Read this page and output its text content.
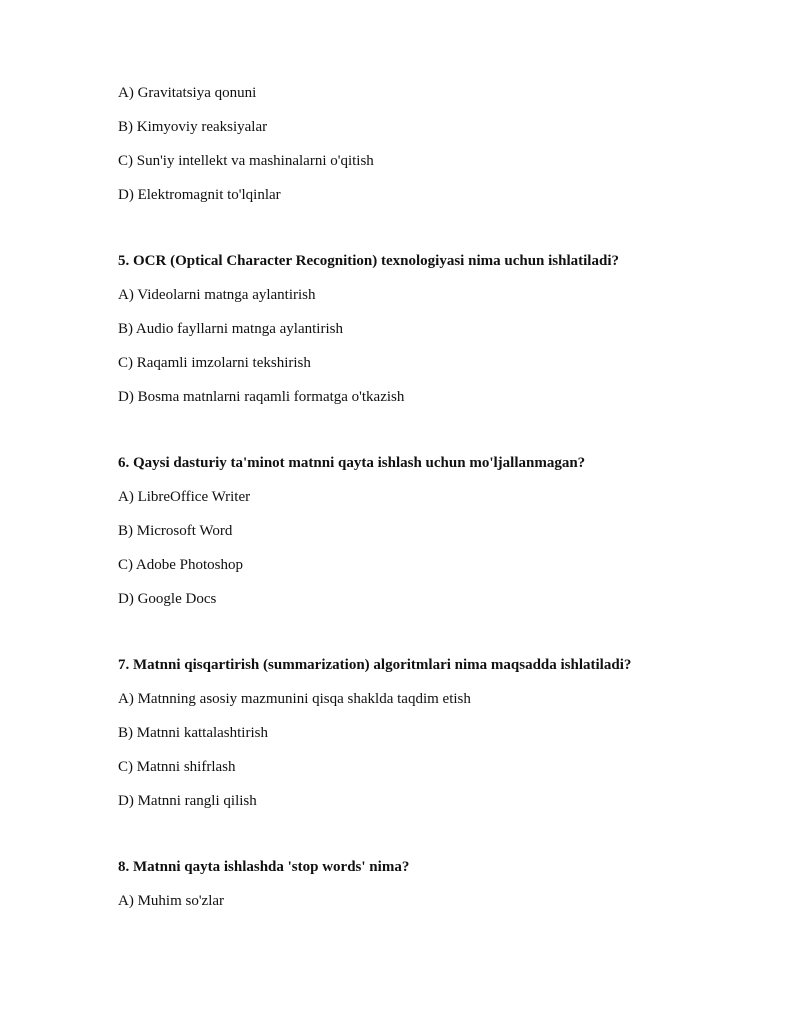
A) Gravitatsiya qonuni
B) Kimyoviy reaksiyalar
C) Sun'iy intellekt va mashinalarni o'qitish
D) Elektromagnit to'lqinlar
5. OCR (Optical Character Recognition) texnologiyasi nima uchun ishlatiladi?
A) Videolarni matnga aylantirish
B) Audio fayllarni matnga aylantirish
C) Raqamli imzolarni tekshirish
D) Bosma matnlarni raqamli formatga o'tkazish
6. Qaysi dasturiy ta'minot matnni qayta ishlash uchun mo'ljallanmagan?
A) LibreOffice Writer
B) Microsoft Word
C) Adobe Photoshop
D) Google Docs
7. Matnni qisqartirish (summarization) algoritmlari nima maqsadda ishlatiladi?
A) Matnning asosiy mazmunini qisqa shaklda taqdim etish
B) Matnni kattalashtirish
C) Matnni shifrlash
D) Matnni rangli qilish
8. Matnni qayta ishlashda 'stop words' nima?
A) Muhim so'zlar
